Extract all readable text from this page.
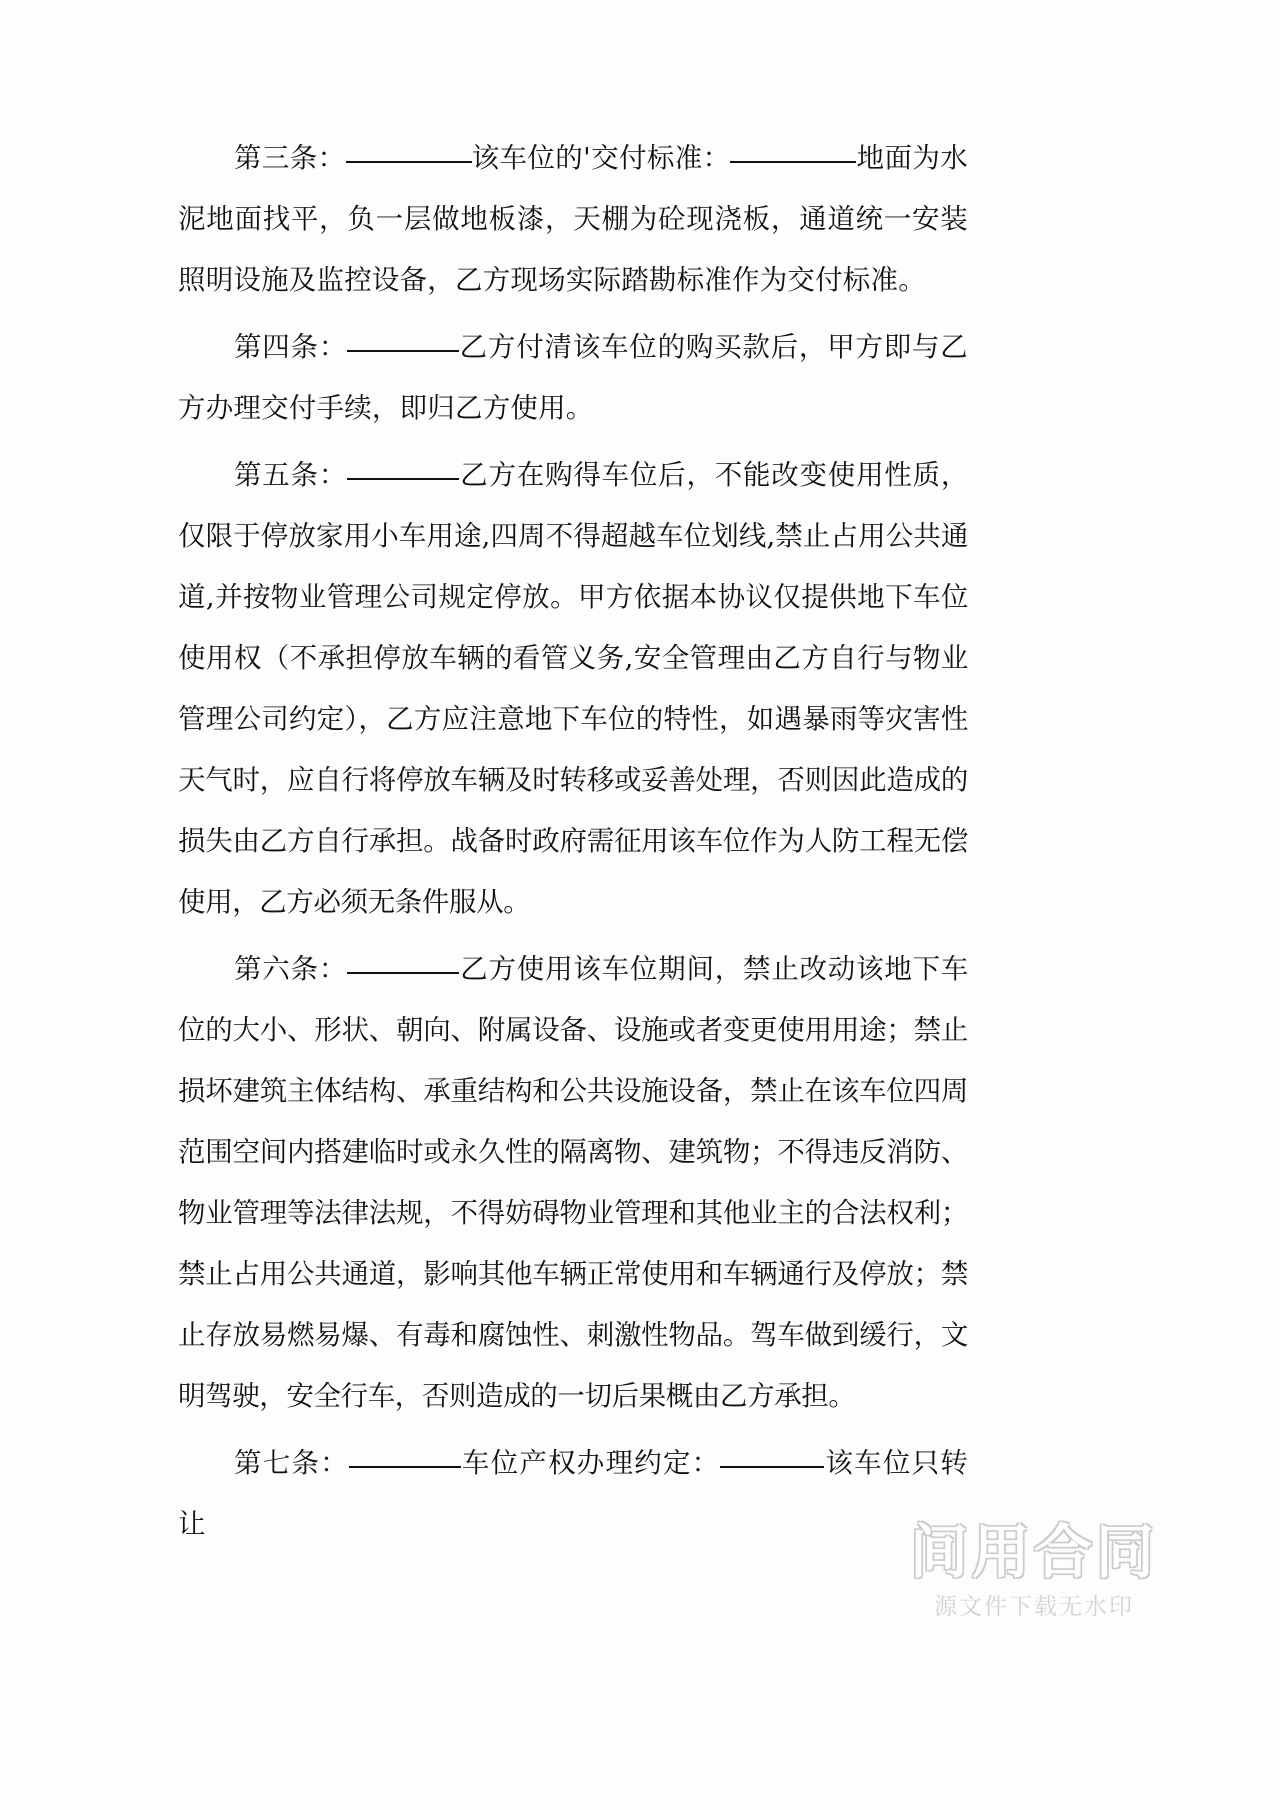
第三条：	该车位的'交付标准：	地面为水泥地面找平，负一层做地板漆，天棚为砼现浇板，通道统一安装照明设施及监控设备，乙方现场实际踏勘标准作为交付标准。

第四条：	乙方付清该车位的购买款后，甲方即与乙方办理交付手续，即归乙方使用。

第五条：	乙方在购得车位后，不能改变使用性质，仅限于停放家用小车用途,四周不得超越车位划线,禁止占用公共通道,并按物业管理公司规定停放。甲方依据本协议仅提供地下车位使用权（不承担停放车辆的看管义务,安全管理由乙方自行与物业管理公司约定），乙方应注意地下车位的特性，如遇暴雨等灾害性天气时，应自行将停放车辆及时转移或妥善处理，否则因此造成的损失由乙方自行承担。战备时政府需征用该车位作为人防工程无偿使用，乙方必须无条件服从。

第六条：	乙方使用该车位期间，禁止改动该地下车位的大小、形状、朝向、附属设备、设施或者变更使用用途；禁止损坏建筑主体结构、承重结构和公共设施设备，禁止在该车位四周范围空间内搭建临时或永久性的隔离物、建筑物；不得违反消防、物业管理等法律法规，不得妨碍物业管理和其他业主的合法权利；禁止占用公共通道，影响其他车辆正常使用和车辆通行及停放；禁止存放易燃易爆、有毒和腐蚀性、刺激性物品。驾车做到缓行，文明驾驶，安全行车，否则造成的一切后果概由乙方承担。

第七条：	车位产权办理约定：	该车位只转让	间用合同
源文件下载无水印
